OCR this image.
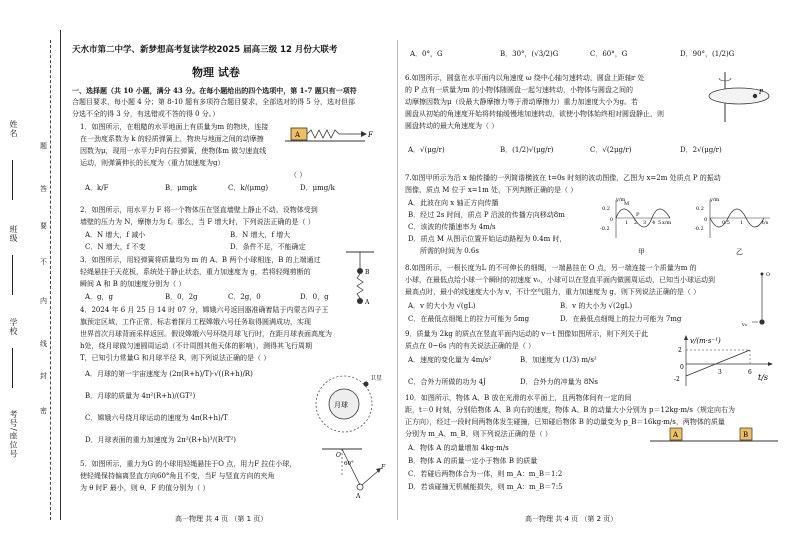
姓名
班级
学校
考号/座位号
题
答
要
不
内
线
封
密
天水市第二中学、新梦想高考复读学校2025 届高三级 12 月份大联考
物理 试卷
一、选择题（共 10 小题，满分 43 分。在每小题给出的四个选项中，第 1-7 题只有一项符
合题目要求，每小题 4 分；第 8-10 题有多项符合题目要求，全部选对的得 5 分，选对但部
分选不全的得 3 分，有选错或不答的得 0 分。）
1．如图所示，在粗糙的水平地面上有质量为m 的物块，连接
在一劲度系数为 k 的轻质弹簧上，物块与地面之间的动摩擦
因数为μ，现用一水平力F向右拉弹簧，使物体m 做匀速直线
运动，则弹簧伸长的长度为（重力加速度为g）
（ ）
A	F
A．k/F	B．μmgk	C．k/(μmg)	D．μmg/k
2．如图所示，用水平力 F 将一个物体压在竖直墙壁上静止不动。设物体受到
墙壁的压力为 N，摩擦力为 f。那么，当 F 增大时，下列说法正确的是（ ）
A．N 增大，f 减小	B．N 增大，f 增大
C．N 增大，f 不变	D．条件不足，不能确定
3．如图所示，用轻弹簧将质量均为 m 的 A、B 两个小球相连，B 的上端通过
轻绳悬挂于天花板，系统处于静止状态，重力加速度为 g，若将轻绳剪断的
瞬间 A 和 B 的加速度分别为（ ）
B
A
A．g，g	B．0，2g	C．2g，0	D．0，g
4．2024 年 6 月 25 日 14 时 07 分，嫦娥六号返回器准确着陆于内蒙古四子王
旗预定区域，工作正常，标志着探月工程嫦娥六号任务取得圆满成功，实现
世界首次月球背面采样返回。假设嫦娥六号环绕月球飞行时，在距月球表面高度为
h处，绕月球做匀速圆周运动（不计周围其他天体的影响），测得其飞行周期
T，已知引力常量G 和月球半径 R，则下列说法正确的是（ ）
A．月球的第一宇宙速度为 (2π(R+h)/T)·√((R+h)/R)
B．月球的质量为 4π²(R+h)/(GT²)
C．嫦娥六号绕月球运动的速度为 4π(R+h)/T
D．月球表面的重力加速度为 2π²(R+h)³/(R²T²)
月球
卫星
5．如图所示，重力为G 的小球用轻绳悬挂于O 点，用力F 拉住小球，
使轻绳保持偏离竖直方向60°角且不变，当F 与竖直方向的夹角
为 θ 时F 最小，则 θ、F 的值分别为（ ）
O
60°
A
F
高一物理 共 4 页 （第 1 页）
A．0°，G	B．30°，(√3/2)G	C．60°，G	D．90°，(1/2)G
6.如图所示，圆盘在水平面内以角速度 ω 绕中心轴匀速转动，圆盘上距轴r 处
的 P 点有一质量为m 的小物体随圆盘一起匀速转动，小物体与圆盘之间的
动摩擦因数为μ（设最大静摩擦力等于滑动摩擦力）重力加速度大小为g。若
圆盘从初始的角速度开始将转轴缓慢地加速转动，欲使小物体始终相对圆盘静止，则
圆盘转动的最大角速度为（ ）
P
A．√(μg/r)	B．(1/2)√(μg/r)	C．√(2μg/r)	D．2√(μg/r)
7.如图甲所示为沿 x 轴传播的一列简谐横波在 t=0s 时刻的波动图像，乙图为 x=2m 处质点 P 的振动
图像，质点 M 位于 x=1m 处，下列判断正确的是（ ）
A．此波在向 x 轴正方向传播
B．经过 2s 时间，质点 P 沿波的传播方向移动8m
C．该波的传播速率为 4m/s
D．质点 M 从图示位置开始运动路程为 0.4m 时，
所需的时间为 0.6s
y/m
x/m
0.2
0
-0.2
1 2 3 4 5
M
P
甲
y/m
t/s
0.2
0
-0.2
0.5 1
乙
8.如图所示，一根长度为L 的不可伸长的细绳，一端悬挂在 O 点，另一端连接一个质量为m 的
小球，在最低点给小球一个瞬时的初速度 v₀，小球可以在竖直平面内做圆周运动，已知当小球运动到
最高点时，最小的线速度大小为 v，不计空气阻力，重力加速度为 g，则下列说法正确的是（ ）
A．v 的大小为 √(gL)	B．v 的大小为 √(2gL)
C．在最低点细绳上的拉力可能为 5mg	D．在最低点细绳上的拉力可能为 7mg
O
v₀
9．质量为 2kg 的质点在竖直平面内运动的 v－t 图像如图所示，则下列关于此
质点在 0~6s 内的有关说法正确的是（ ）
A．速度的变化量为 4m/s²	B．加速度为 (1/3) m/s²
C．合外力所做的功为 4J	D．合外力的冲量为 8Ns
v/(m·s⁻¹)
t/s
2
0
-2
3	6
10．如图所示，物体 A、B 放在光滑的水平面上，且两物体间有一定的间
距，t＝0 时刻，分别给物体 A、B 向右的速度，物体 A、B 的动量大小分别为 p＝12kg·m/s（规定向右为
正方向），经过一段时间两物体发生碰撞，已知碰后物体 B 的动量变为 p_B＝16kg·m/s，两物体的质量
分别为 m_A、m_B，则下列说法正确的是（ ）
A．物体 A 的动量增加 4kg·m/s
B．物体 A 的质量一定小于物体 B 的质量
C．若碰后两物体合为一体，则 m_A：m_B＝1:2
D．若该碰撞无机械能损失，则 m_A：m_B＝7:5
A	B
高一物理 共 4 页 （第 2 页）
